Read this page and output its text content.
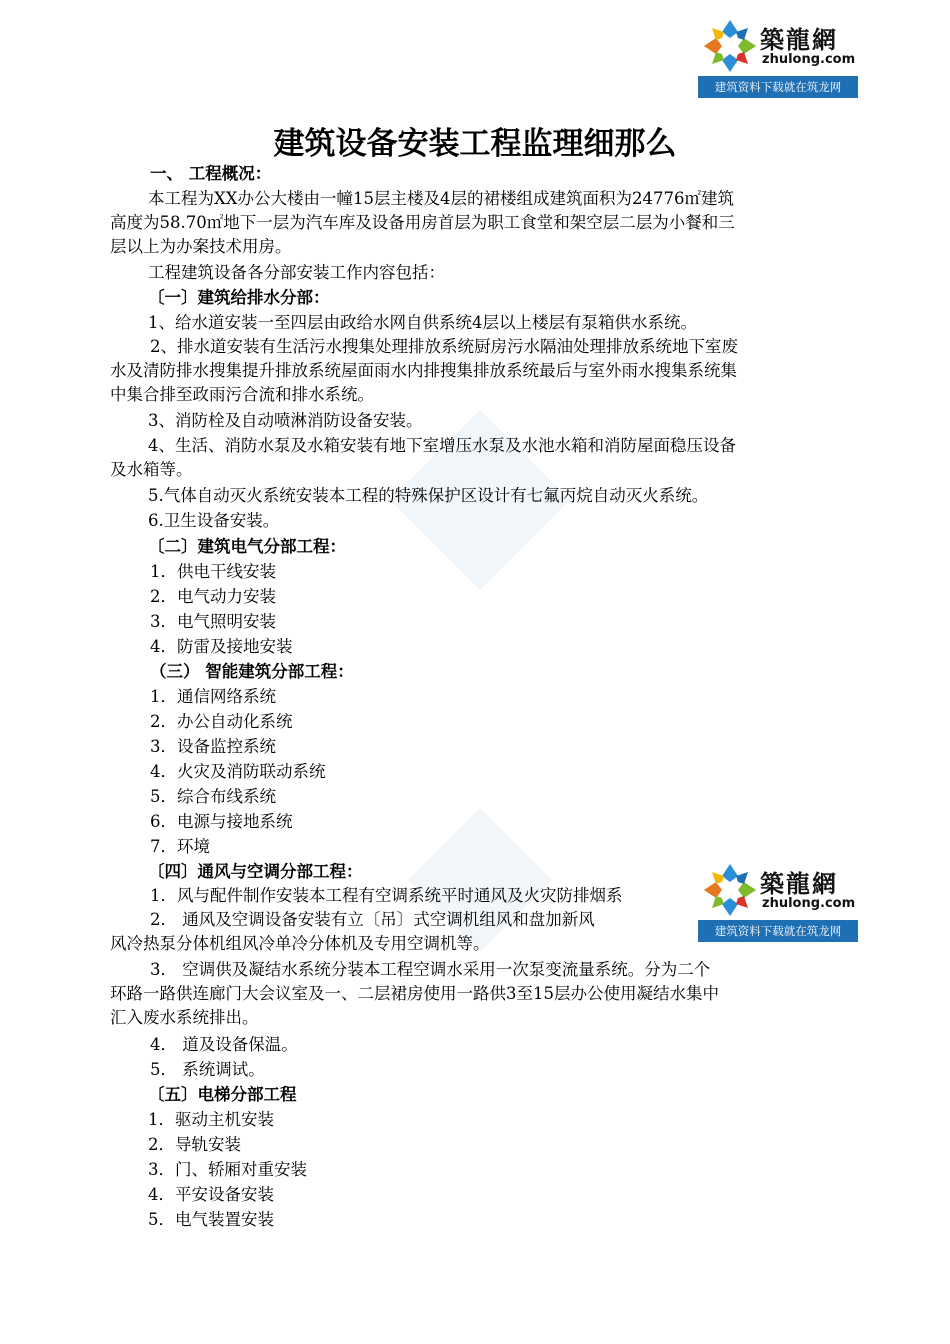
築龍網
zhulong.com
建筑资料下载就在筑龙网
建筑设备安装工程监理细那么
一、 工程概况：
本工程为XX办公大楼由一幢15层主楼及4层的裙楼组成建筑面积为24776㎡建筑
高度为58.70㎡地下一层为汽车库及设备用房首层为职工食堂和架空层二层为小餐和三
层以上为办案技术用房。
工程建筑设备各分部安装工作内容包括：
〔一〕建筑给排水分部：
1、给水道安装一至四层由政给水网自供系统4层以上楼层有泵箱供水系统。
2、排水道安装有生活污水搜集处理排放系统厨房污水隔油处理排放系统地下室废
水及清防排水搜集提升排放系统屋面雨水内排搜集排放系统最后与室外雨水搜集系统集
中集合排至政雨污合流和排水系统。
3、消防栓及自动喷淋消防设备安装。
4、生活、消防水泵及水箱安装有地下室增压水泵及水池水箱和消防屋面稳压设备
及水箱等。
5.气体自动灭火系统安装本工程的特殊保护区设计有七氟丙烷自动灭火系统。
6.卫生设备安装。
〔二〕建筑电气分部工程：
1．供电干线安装
2．电气动力安装
3．电气照明安装
4．防雷及接地安装
（三） 智能建筑分部工程：
1．通信网络系统
2．办公自动化系统
3．设备监控系统
4．火灾及消防联动系统
5．综合布线系统
6．电源与接地系统
7．环境
〔四〕通风与空调分部工程：
1．风与配件制作安装本工程有空调系统平时通风及火灾防排烟系
2． 通风及空调设备安装有立〔吊〕式空调机组风和盘加新风
风冷热泵分体机组风冷单冷分体机及专用空调机等。
3． 空调供及凝结水系统分装本工程空调水采用一次泵变流量系统。分为二个
环路一路供连廊门大会议室及一、二层裙房使用一路供3至15层办公使用凝结水集中
汇入废水系统排出。
4． 道及设备保温。
5． 系统调试。
〔五〕电梯分部工程
1．驱动主机安装
2．导轨安装
3．门、轿厢对重安装
4．平安设备安装
5．电气装置安装
築龍網
zhulong.com
建筑资料下载就在筑龙网
